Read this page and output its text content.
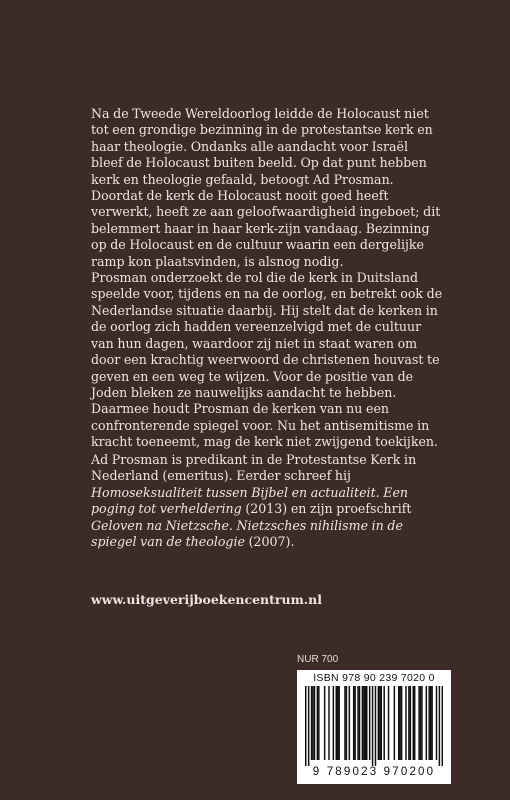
Na de Tweede Wereldoorlog leidde de Holocaust niet tot een grondige bezinning in de protestantse kerk en haar theologie. Ondanks alle aandacht voor Israël bleef de Holocaust buiten beeld. Op dat punt hebben kerk en theologie gefaald, betoogt Ad Prosman. Doordat de kerk de Holocaust nooit goed heeft verwerkt, heeft ze aan geloofwaardigheid ingeboet; dit belemmert haar in haar kerk-zijn vandaag. Bezinning op de Holocaust en de cultuur waarin een dergelijke ramp kon plaatsvinden, is alsnog nodig.

Prosman onderzoekt de rol die de kerk in Duitsland speelde voor, tijdens en na de oorlog, en betrekt ook de Nederlandse situatie daarbij. Hij stelt dat de kerken in de oorlog zich hadden vereenzelvigd met de cultuur van hun dagen, waardoor zij niet in staat waren om door een krachtig weerwoord de christenen houvast te geven en een weg te wijzen. Voor de positie van de Joden bleken ze nauwelijks aandacht te hebben.

Daarmee houdt Prosman de kerken van nu een confronterende spiegel voor. Nu het antisemitisme in kracht toeneemt, mag de kerk niet zwijgend toekijken.

Ad Prosman is predikant in de Protestantse Kerk in Nederland (emeritus). Eerder schreef hij Homoseksualiteit tussen Bijbel en actualiteit. Een poging tot verheldering (2013) en zijn proefschrift Geloven na Nietzsche. Nietzsches nihilisme in de spiegel van de theologie (2007).

www.uitgeverijboekencentrum.nl
NUR 700
ISBN 978 90 239 7020 0
9 789023 970200
